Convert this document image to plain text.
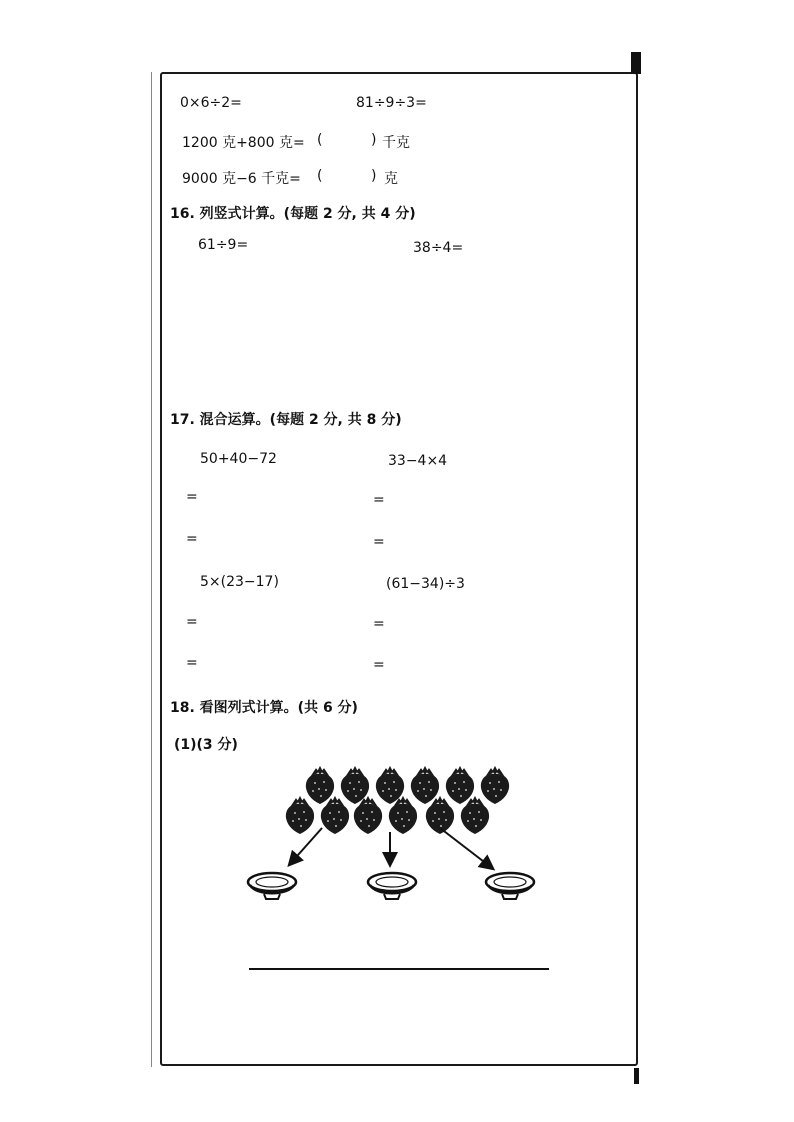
0×6÷2=	81÷9÷3=
1200 克+800 克= (	) 千克
9000 克−6 千克= (	) 克
16. 列竖式计算。(每题 2 分, 共 4 分)
61÷9=	38÷4=
17. 混合运算。(每题 2 分, 共 8 分)
50+40−72	33−4×4
=	=
=	=
5×(23−17)	(61−34)÷3
=	=
=	=
18. 看图列式计算。(共 6 分)
(1)(3 分)
